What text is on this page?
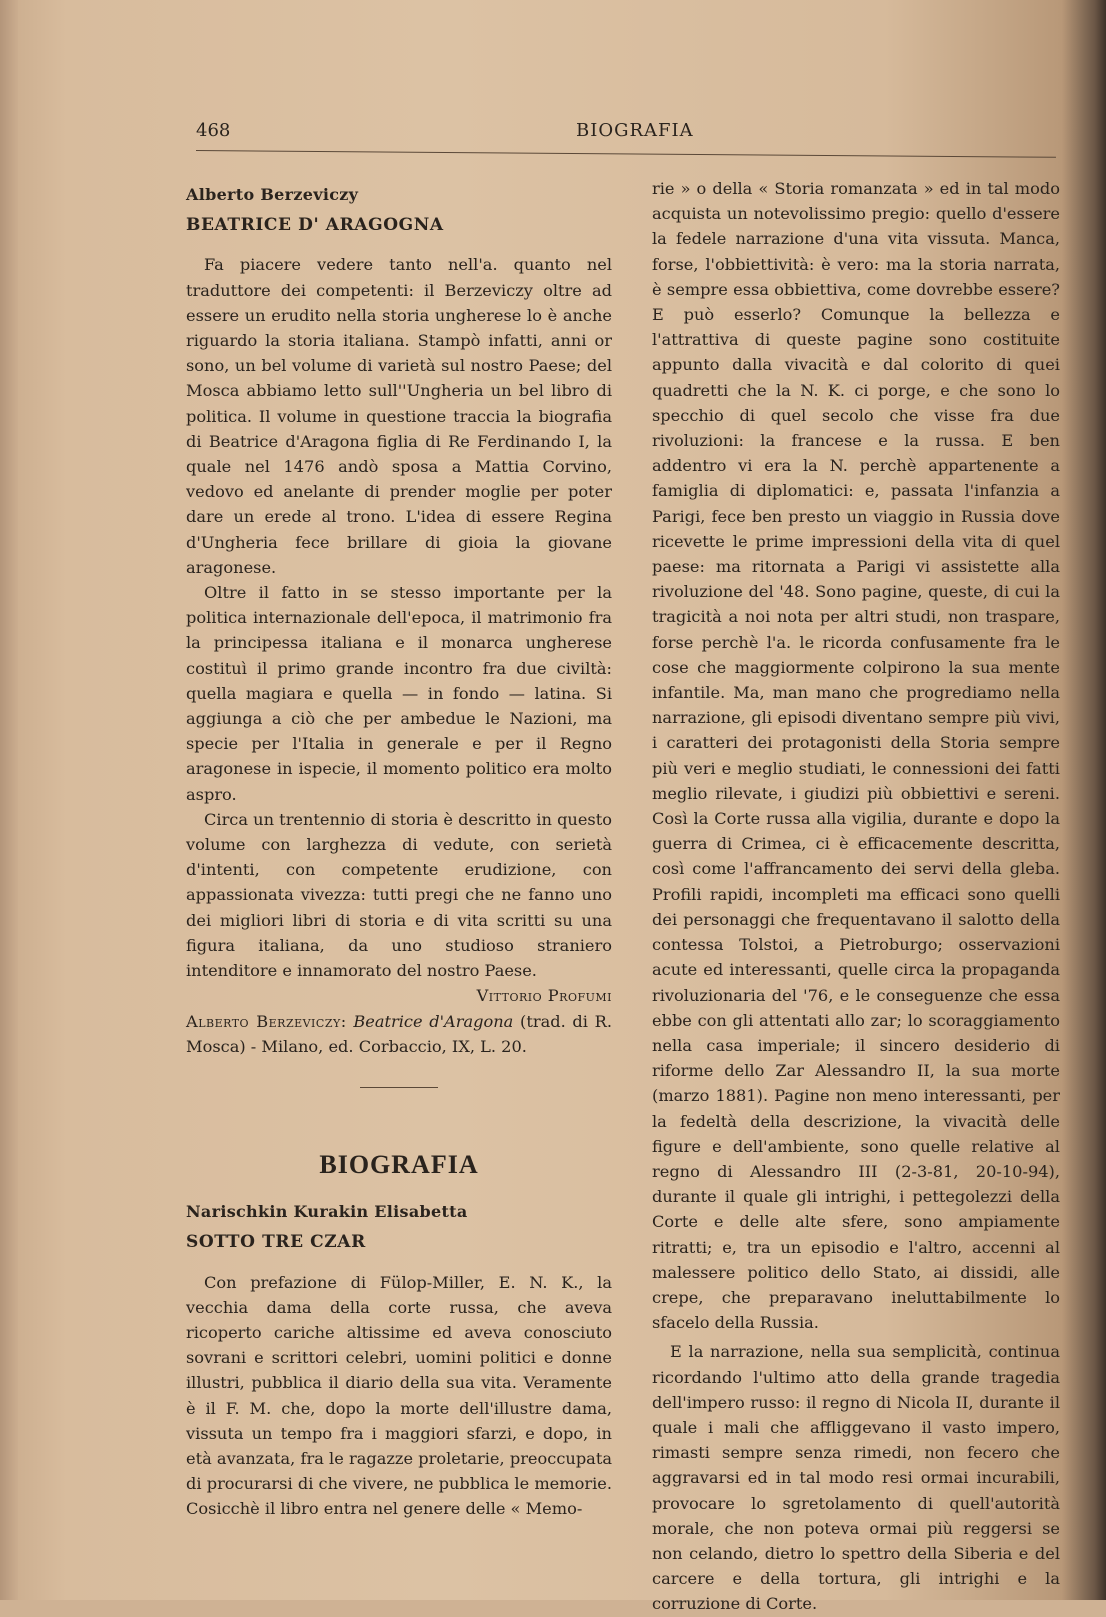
468	BIOGRAFIA
Alberto Berzeviczy
BEATRICE D' ARAGOGNA

Fa piacere vedere tanto nell'a. quanto nel traduttore dei competenti: il Berzeviczy oltre ad essere un erudito nella storia ungherese lo è anche riguardo la storia italiana. Stampò infatti, anni or sono, un bel volume di varietà sul nostro Paese; del Mosca abbiamo letto sull''Ungheria un bel libro di politica. Il volume in questione traccia la biografia di Beatrice d'Aragona figlia di Re Ferdinando I, la quale nel 1476 andò sposa a Mattia Corvino, vedovo ed anelante di prender moglie per poter dare un erede al trono. L'idea di essere Regina d'Ungheria fece brillare di gioia la giovane aragonese.

Oltre il fatto in se stesso importante per la politica internazionale dell'epoca, il matrimonio fra la principessa italiana e il monarca ungherese costituì il primo grande incontro fra due civiltà: quella magiara e quella — in fondo — latina. Si aggiunga a ciò che per ambedue le Nazioni, ma specie per l'Italia in generale e per il Regno aragonese in ispecie, il momento politico era molto aspro.

Circa un trentennio di storia è descritto in questo volume con larghezza di vedute, con serietà d'intenti, con competente erudizione, con appassionata vivezza: tutti pregi che ne fanno uno dei migliori libri di storia e di vita scritti su una figura italiana, da uno studioso straniero intenditore e innamorato del nostro Paese.

Vittorio Profumi

Alberto Berzeviczy: Beatrice d'Aragona (trad. di R. Mosca) - Milano, ed. Corbaccio, IX, L. 20.

BIOGRAFIA
Narischkin Kurakin Elisabetta
SOTTO TRE CZAR

Con prefazione di Fülop-Miller, E. N. K., la vecchia dama della corte russa, che aveva ricoperto cariche altissime ed aveva conosciuto sovrani e scrittori celebri, uomini politici e donne illustri, pubblica il diario della sua vita. Veramente è il F. M. che, dopo la morte dell'illustre dama, vissuta un tempo fra i maggiori sfarzi, e dopo, in età avanzata, fra le ragazze proletarie, preoccupata di procurarsi di che vivere, ne pubblica le memorie. Cosicchè il libro entra nel genere delle « Memo-

rie » o della « Storia romanzata » ed in tal modo acquista un notevolissimo pregio: quello d'essere la fedele narrazione d'una vita vissuta. Manca, forse, l'obbiettività: è vero: ma la storia narrata, è sempre essa obbiettiva, come dovrebbe essere? E può esserlo? Comunque la bellezza e l'attrattiva di queste pagine sono costituite appunto dalla vivacità e dal colorito di quei quadretti che la N. K. ci porge, e che sono lo specchio di quel secolo che visse fra due rivoluzioni: la francese e la russa. E ben addentro vi era la N. perchè appartenente a famiglia di diplomatici: e, passata l'infanzia a Parigi, fece ben presto un viaggio in Russia dove ricevette le prime impressioni della vita di quel paese: ma ritornata a Parigi vi assistette alla rivoluzione del '48. Sono pagine, queste, di cui la tragicità a noi nota per altri studi, non traspare, forse perchè l'a. le ricorda confusamente fra le cose che maggiormente colpirono la sua mente infantile. Ma, man mano che progrediamo nella narrazione, gli episodi diventano sempre più vivi, i caratteri dei protagonisti della Storia sempre più veri e meglio studiati, le connessioni dei fatti meglio rilevate, i giudizi più obbiettivi e sereni. Così la Corte russa alla vigilia, durante e dopo la guerra di Crimea, ci è efficacemente descritta, così come l'affrancamento dei servi della gleba. Profili rapidi, incompleti ma efficaci sono quelli dei personaggi che frequentavano il salotto della contessa Tolstoi, a Pietroburgo; osservazioni acute ed interessanti, quelle circa la propaganda rivoluzionaria del '76, e le conseguenze che essa ebbe con gli attentati allo zar; lo scoraggiamento nella casa imperiale; il sincero desiderio di riforme dello Zar Alessandro II, la sua morte (marzo 1881). Pagine non meno interessanti, per la fedeltà della descrizione, la vivacità delle figure e dell'ambiente, sono quelle relative al regno di Alessandro III (2-3-81, 20-10-94), durante il quale gli intrighi, i pettegolezzi della Corte e delle alte sfere, sono ampiamente ritratti; e, tra un episodio e l'altro, accenni al malessere politico dello Stato, ai dissidi, alle crepe, che preparavano ineluttabilmente lo sfacelo della Russia.

E la narrazione, nella sua semplicità, continua ricordando l'ultimo atto della grande tragedia dell'impero russo: il regno di Nicola II, durante il quale i mali che affliggevano il vasto impero, rimasti sempre senza rimedi, non fecero che aggravarsi ed in tal modo resi ormai incurabili, provocare lo sgretolamento di quell'autorità morale, che non poteva ormai più reggersi se non celando, dietro lo spettro della Siberia e del carcere e della tortura, gli intrighi e la corruzione di Corte.
